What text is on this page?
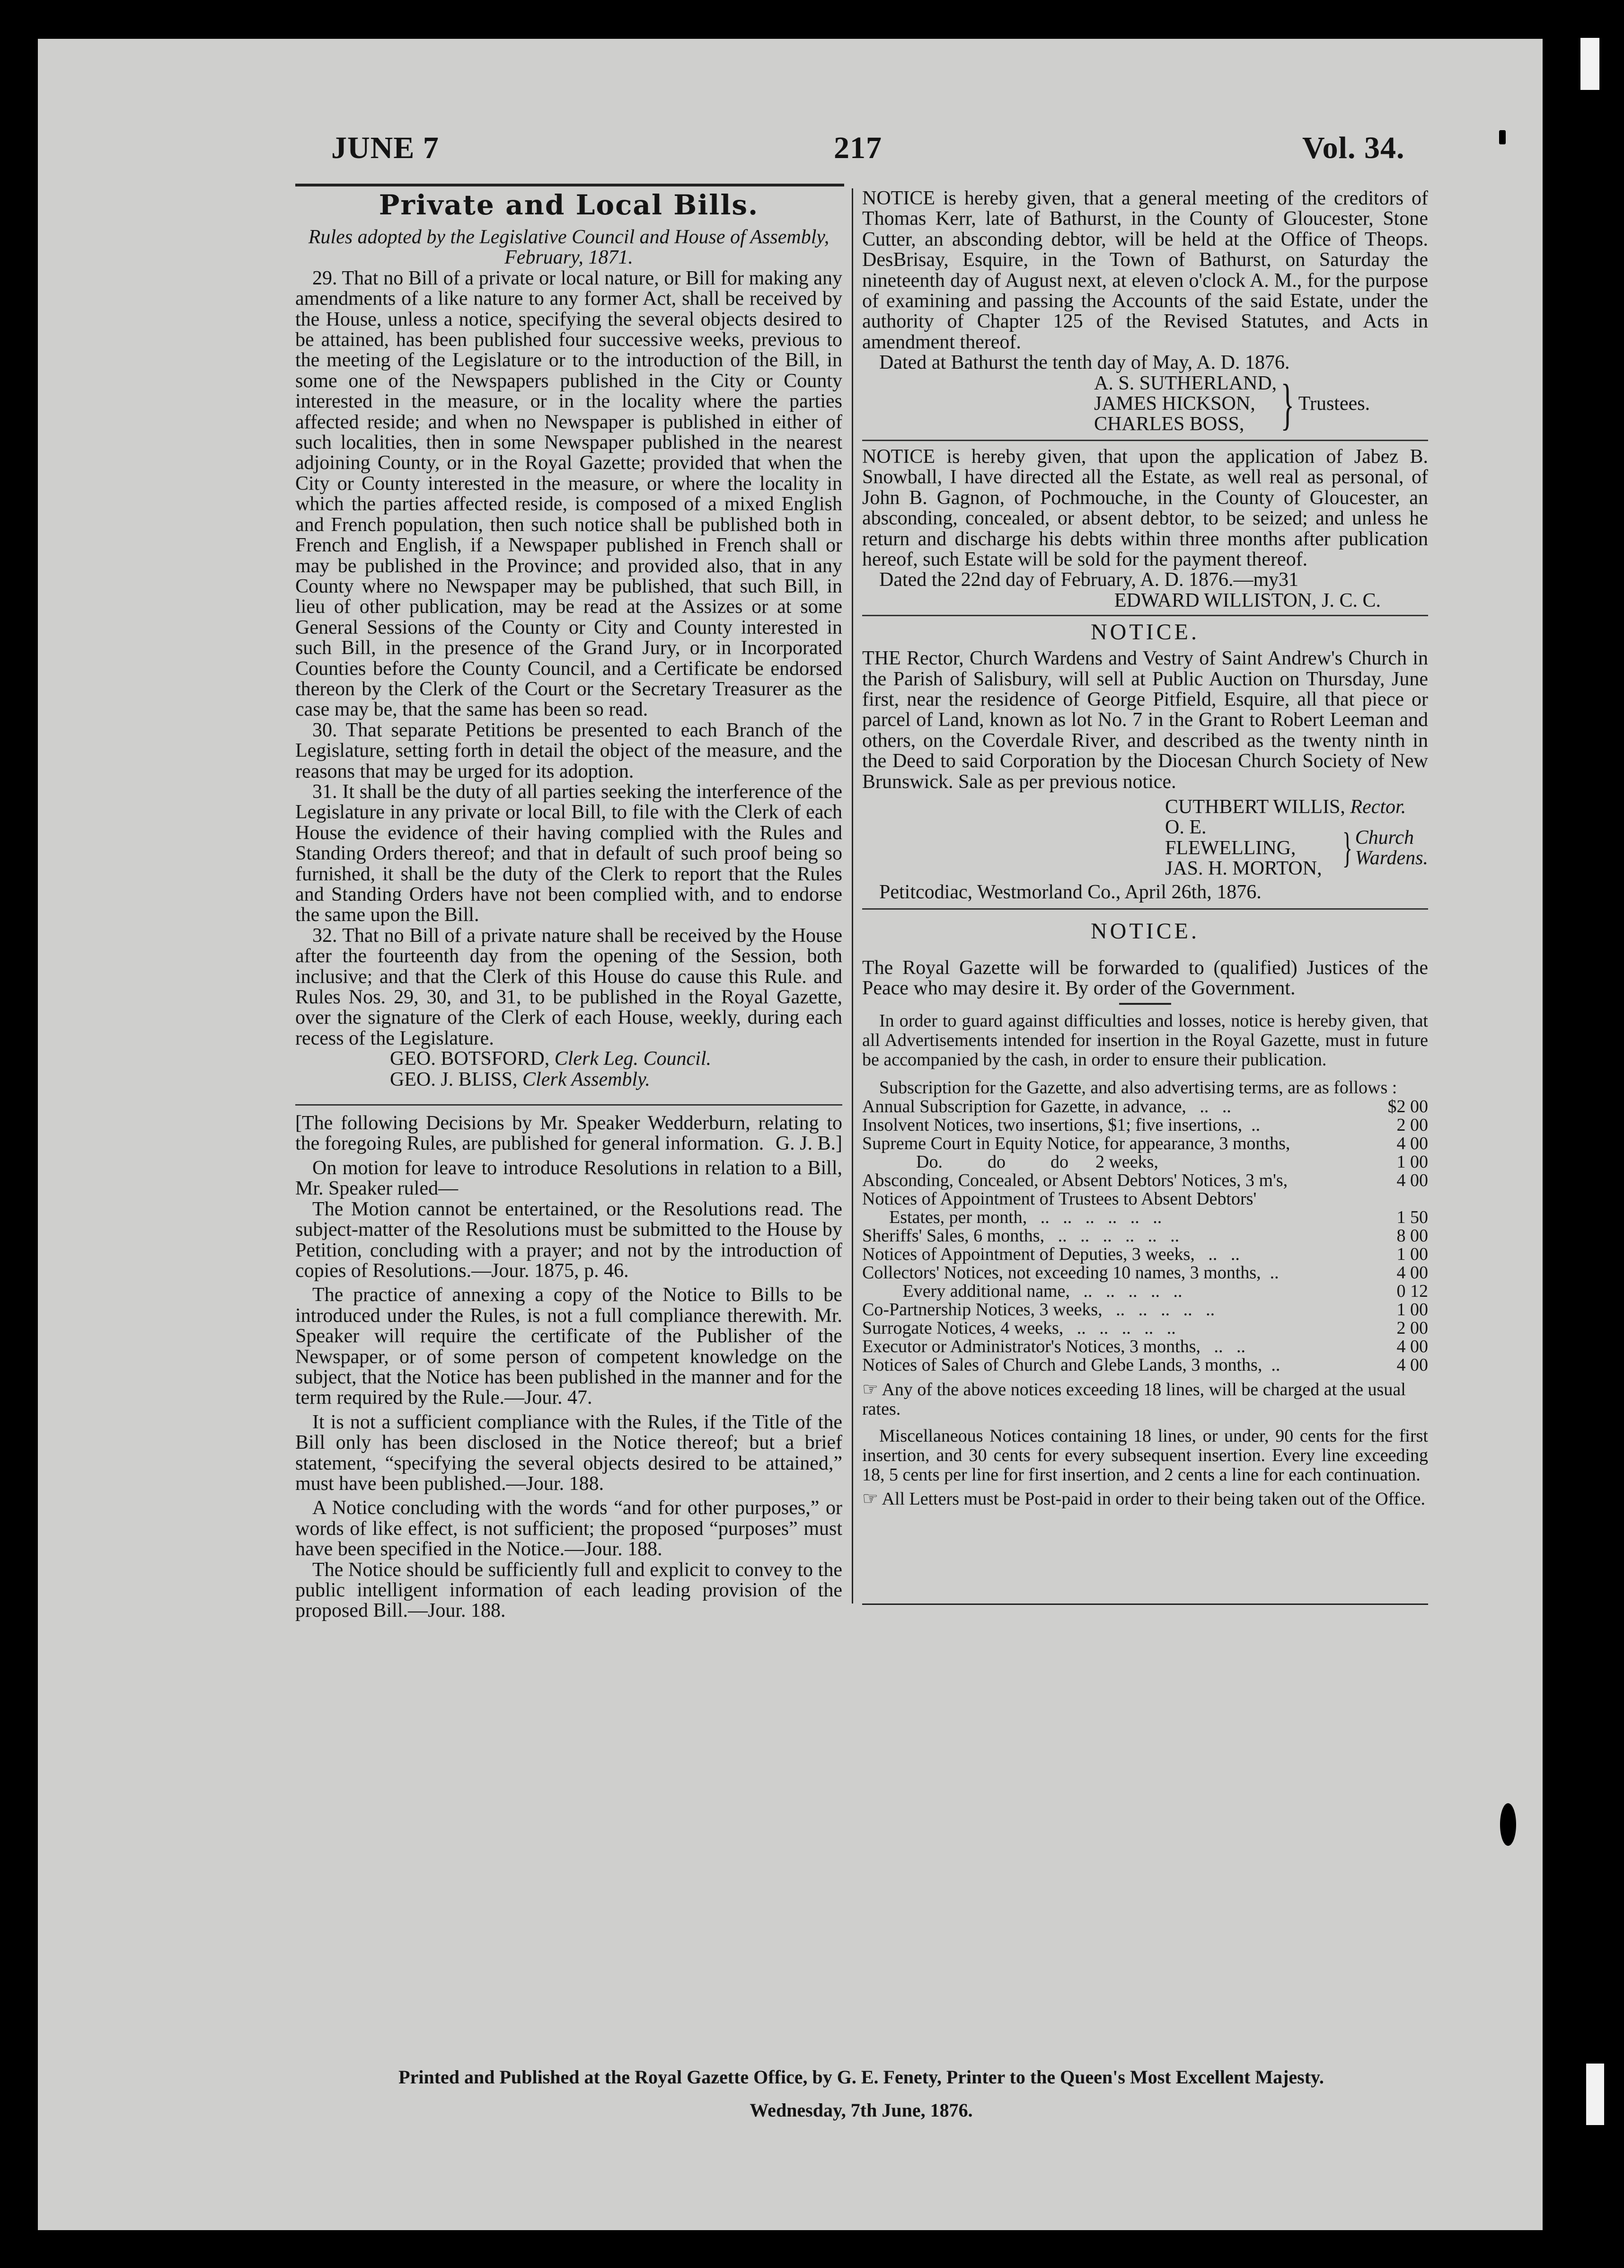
JUNE 7	217	Vol. 34.
Private and Local Bills.

Rules adopted by the Legislative Council and House of Assembly, February, 1871.

29. That no Bill of a private or local nature, or Bill for making any amendments of a like nature to any former Act, shall be received by the House, unless a notice, specifying the several objects desired to be attained, has been published four successive weeks, previous to the meeting of the Legislature or to the introduction of the Bill, in some one of the Newspapers published in the City or County interested in the measure, or in the locality where the parties affected reside; and when no Newspaper is published in either of such localities, then in some Newspaper published in the nearest adjoining County, or in the Royal Gazette; provided that when the City or County interested in the measure, or where the locality in which the parties affected reside, is composed of a mixed English and French population, then such notice shall be published both in French and English, if a Newspaper published in French shall or may be published in the Province; and provided also, that in any County where no Newspaper may be published, that such Bill, in lieu of other publication, may be read at the Assizes or at some General Sessions of the County or City and County interested in such Bill, in the presence of the Grand Jury, or in Incorporated Counties before the County Council, and a Certificate be endorsed thereon by the Clerk of the Court or the Secretary Treasurer as the case may be, that the same has been so read.

30. That separate Petitions be presented to each Branch of the Legislature, setting forth in detail the object of the measure, and the reasons that may be urged for its adoption.

31. It shall be the duty of all parties seeking the interference of the Legislature in any private or local Bill, to file with the Clerk of each House the evidence of their having complied with the Rules and Standing Orders thereof; and that in default of such proof being so furnished, it shall be the duty of the Clerk to report that the Rules and Standing Orders have not been complied with, and to endorse the same upon the Bill.

32. That no Bill of a private nature shall be received by the House after the fourteenth day from the opening of the Session, both inclusive; and that the Clerk of this House do cause this Rule. and Rules Nos. 29, 30, and 31, to be published in the Royal Gazette, over the signature of the Clerk of each House, weekly, during each recess of the Legislature.

GEO. BOTSFORD, Clerk Leg. Council.

GEO. J. BLISS, Clerk Assembly.

[The following Decisions by Mr. Speaker Wedderburn, relating to the foregoing Rules, are published for general information. G. J. B.]

On motion for leave to introduce Resolutions in relation to a Bill, Mr. Speaker ruled—

The Motion cannot be entertained, or the Resolutions read. The subject-matter of the Resolutions must be submitted to the House by Petition, concluding with a prayer; and not by the introduction of copies of Resolutions.—Jour. 1875, p. 46.

The practice of annexing a copy of the Notice to Bills to be introduced under the Rules, is not a full compliance therewith. Mr. Speaker will require the certificate of the Publisher of the Newspaper, or of some person of competent knowledge on the subject, that the Notice has been published in the manner and for the term required by the Rule.—Jour. 47.

It is not a sufficient compliance with the Rules, if the Title of the Bill only has been disclosed in the Notice thereof; but a brief statement, “specifying the several objects desired to be attained,” must have been published.—Jour. 188.

A Notice concluding with the words “and for other purposes,” or words of like effect, is not sufficient; the proposed “purposes” must have been specified in the Notice.—Jour. 188.

The Notice should be sufficiently full and explicit to convey to the public intelligent information of each leading provision of the proposed Bill.—Jour. 188.

NOTICE is hereby given, that a general meeting of the creditors of Thomas Kerr, late of Bathurst, in the County of Gloucester, Stone Cutter, an absconding debtor, will be held at the Office of Theops. DesBrisay, Esquire, in the Town of Bathurst, on Saturday the nineteenth day of August next, at eleven o'clock A. M., for the purpose of examining and passing the Accounts of the said Estate, under the authority of Chapter 125 of the Revised Statutes, and Acts in amendment thereof.

Dated at Bathurst the tenth day of May, A. D. 1876.

A. S. SUTHERLAND,
JAMES HICKSON,
CHARLES BOSS, } Trustees.

NOTICE is hereby given, that upon the application of Jabez B. Snowball, I have directed all the Estate, as well real as personal, of John B. Gagnon, of Pochmouche, in the County of Gloucester, an absconding, concealed, or absent debtor, to be seized; and unless he return and discharge his debts within three months after publication hereof, such Estate will be sold for the payment thereof.

Dated the 22nd day of February, A. D. 1876.—my31

EDWARD WILLISTON, J. C. C.

NOTICE.

THE Rector, Church Wardens and Vestry of Saint Andrew's Church in the Parish of Salisbury, will sell at Public Auction on Thursday, June first, near the residence of George Pitfield, Esquire, all that piece or parcel of Land, known as lot No. 7 in the Grant to Robert Leeman and others, on the Coverdale River, and described as the twenty ninth in the Deed to said Corporation by the Diocesan Church Society of New Brunswick. Sale as per previous notice.

CUTHBERT WILLIS, Rector.

O. E. FLEWELLING,
JAS. H. MORTON, } Church
Wardens.

Petitcodiac, Westmorland Co., April 26th, 1876.

NOTICE.

The Royal Gazette will be forwarded to (qualified) Justices of the Peace who may desire it. By order of the Government.

In order to guard against difficulties and losses, notice is hereby given, that all Advertisements intended for insertion in the Royal Gazette, must in future be accompanied by the cash, in order to ensure their publication.

Subscription for the Gazette, and also advertising terms, are as follows :

Annual Subscription for Gazette, in advance,   ..   ..	$2 00
Insolvent Notices, two insertions, $1; five insertions,  ..	2 00
Supreme Court in Equity Notice, for appearance, 3 months,	4 00
Do.          do          do      2 weeks,	1 00
Absconding, Concealed, or Absent Debtors' Notices, 3 m's,	4 00
Notices of Appointment of Trustees to Absent Debtors'
Estates, per month,   ..   ..   ..   ..   ..   ..	1 50
Sheriffs' Sales, 6 months,   ..   ..   ..   ..   ..   ..	8 00
Notices of Appointment of Deputies, 3 weeks,   ..   ..	1 00
Collectors' Notices, not exceeding 10 names, 3 months,  ..	4 00
Every additional name,   ..   ..   ..   ..   ..	0 12
Co-Partnership Notices, 3 weeks,   ..   ..   ..   ..   ..	1 00
Surrogate Notices, 4 weeks,   ..   ..   ..   ..   ..	2 00
Executor or Administrator's Notices, 3 months,   ..   ..	4 00
Notices of Sales of Church and Glebe Lands, 3 months,  ..	4 00

☞ Any of the above notices exceeding 18 lines, will be charged at the usual rates.

Miscellaneous Notices containing 18 lines, or under, 90 cents for the first insertion, and 30 cents for every subsequent insertion. Every line exceeding 18, 5 cents per line for first insertion, and 2 cents a line for each continuation.

☞ All Letters must be Post-paid in order to their being taken out of the Office.

Printed and Published at the Royal Gazette Office, by G. E. Fenety, Printer to the Queen's Most Excellent Majesty.
Wednesday, 7th June, 1876.
